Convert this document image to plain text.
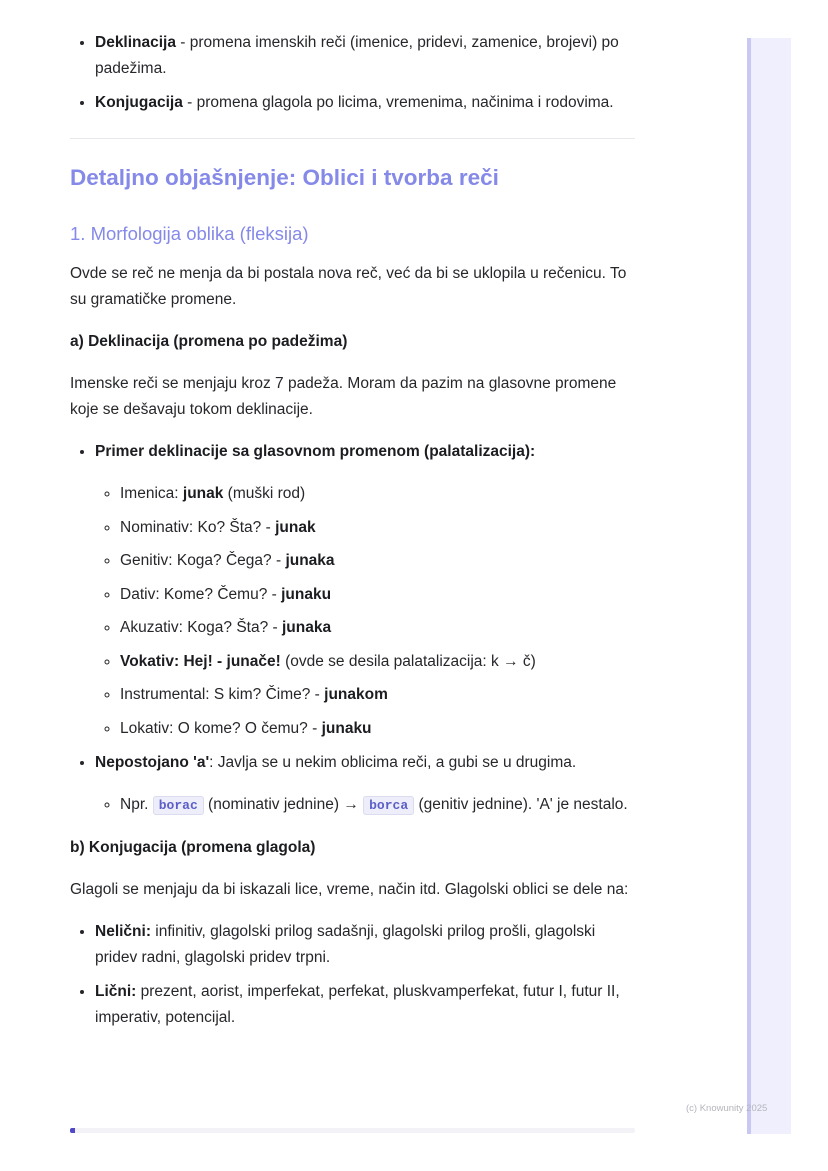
• Deklinacija - promena imenskih reči (imenice, pridevi, zamenice, brojevi) po padežima.
• Konjugacija - promena glagola po licima, vremenima, načinima i rodovima.
Detaljno objašnjenje: Oblici i tvorba reči
1. Morfologija oblika (fleksija)

Ovde se reč ne menja da bi postala nova reč, već da bi se uklopila u rečenicu. To su gramatičke promene.

a) Deklinacija (promena po padežima)

Imenske reči se menjaju kroz 7 padeža. Moram da pazim na glasovne promene koje se dešavaju tokom deklinacije.

• Primer deklinacije sa glasovnom promenom (palatalizacija):
◦ Imenica: junak (muški rod)
◦ Nominativ: Ko? Šta? - junak
◦ Genitiv: Koga? Čega? - junaka
◦ Dativ: Kome? Čemu? - junaku
◦ Akuzativ: Koga? Šta? - junaka
◦ Vokativ: Hej! - junače! (ovde se desila palatalizacija: k → č)
◦ Instrumental: S kim? Čime? - junakom
◦ Lokativ: O kome? O čemu? - junaku
• Nepostojano 'a': Javlja se u nekim oblicima reči, a gubi se u drugima.
◦ Npr. borac (nominativ jednine) → borca (genitiv jednine). 'A' je nestalo.
b) Konjugacija (promena glagola)

Glagoli se menjaju da bi iskazali lice, vreme, način itd. Glagolski oblici se dele na:

• Nelični: infinitiv, glagolski prilog sadašnji, glagolski prilog prošli, glagolski pridev radni, glagolski pridev trpni.
• Lični: prezent, aorist, imperfekat, perfekat, pluskvamperfekat, futur I, futur II, imperativ, potencijal.
(c) Knowunity 2025
